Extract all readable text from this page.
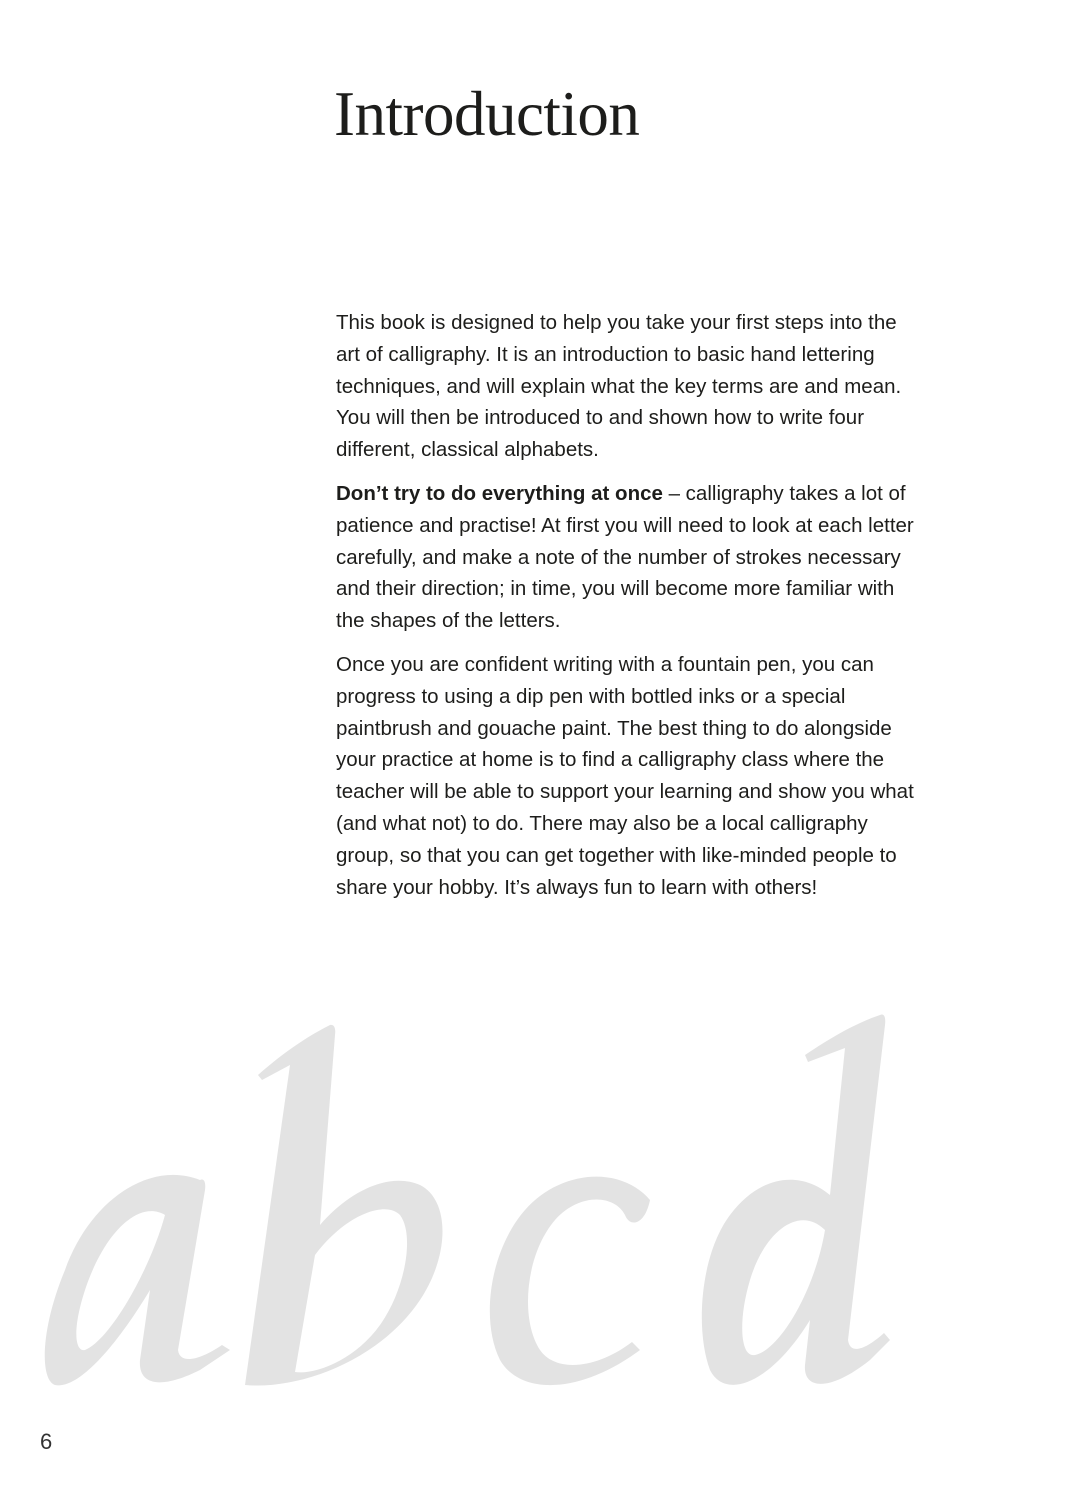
Introduction

This book is designed to help you take your first steps into the art of calligraphy. It is an introduction to basic hand lettering techniques, and will explain what the key terms are and mean. You will then be introduced to and shown how to write four different, classical alphabets.

Don’t try to do everything at once – calligraphy takes a lot of patience and practise! At first you will need to look at each letter carefully, and make a note of the number of strokes necessary and their direction; in time, you will become more familiar with the shapes of the letters.

Once you are confident writing with a fountain pen, you can progress to using a dip pen with bottled inks or a special paintbrush and gouache paint. The best thing to do alongside your practice at home is to find a calligraphy class where the teacher will be able to support your learning and show you what (and what not) to do. There may also be a local calligraphy group, so that you can get together with like-minded people to share your hobby. It’s always fun to learn with others!

6
